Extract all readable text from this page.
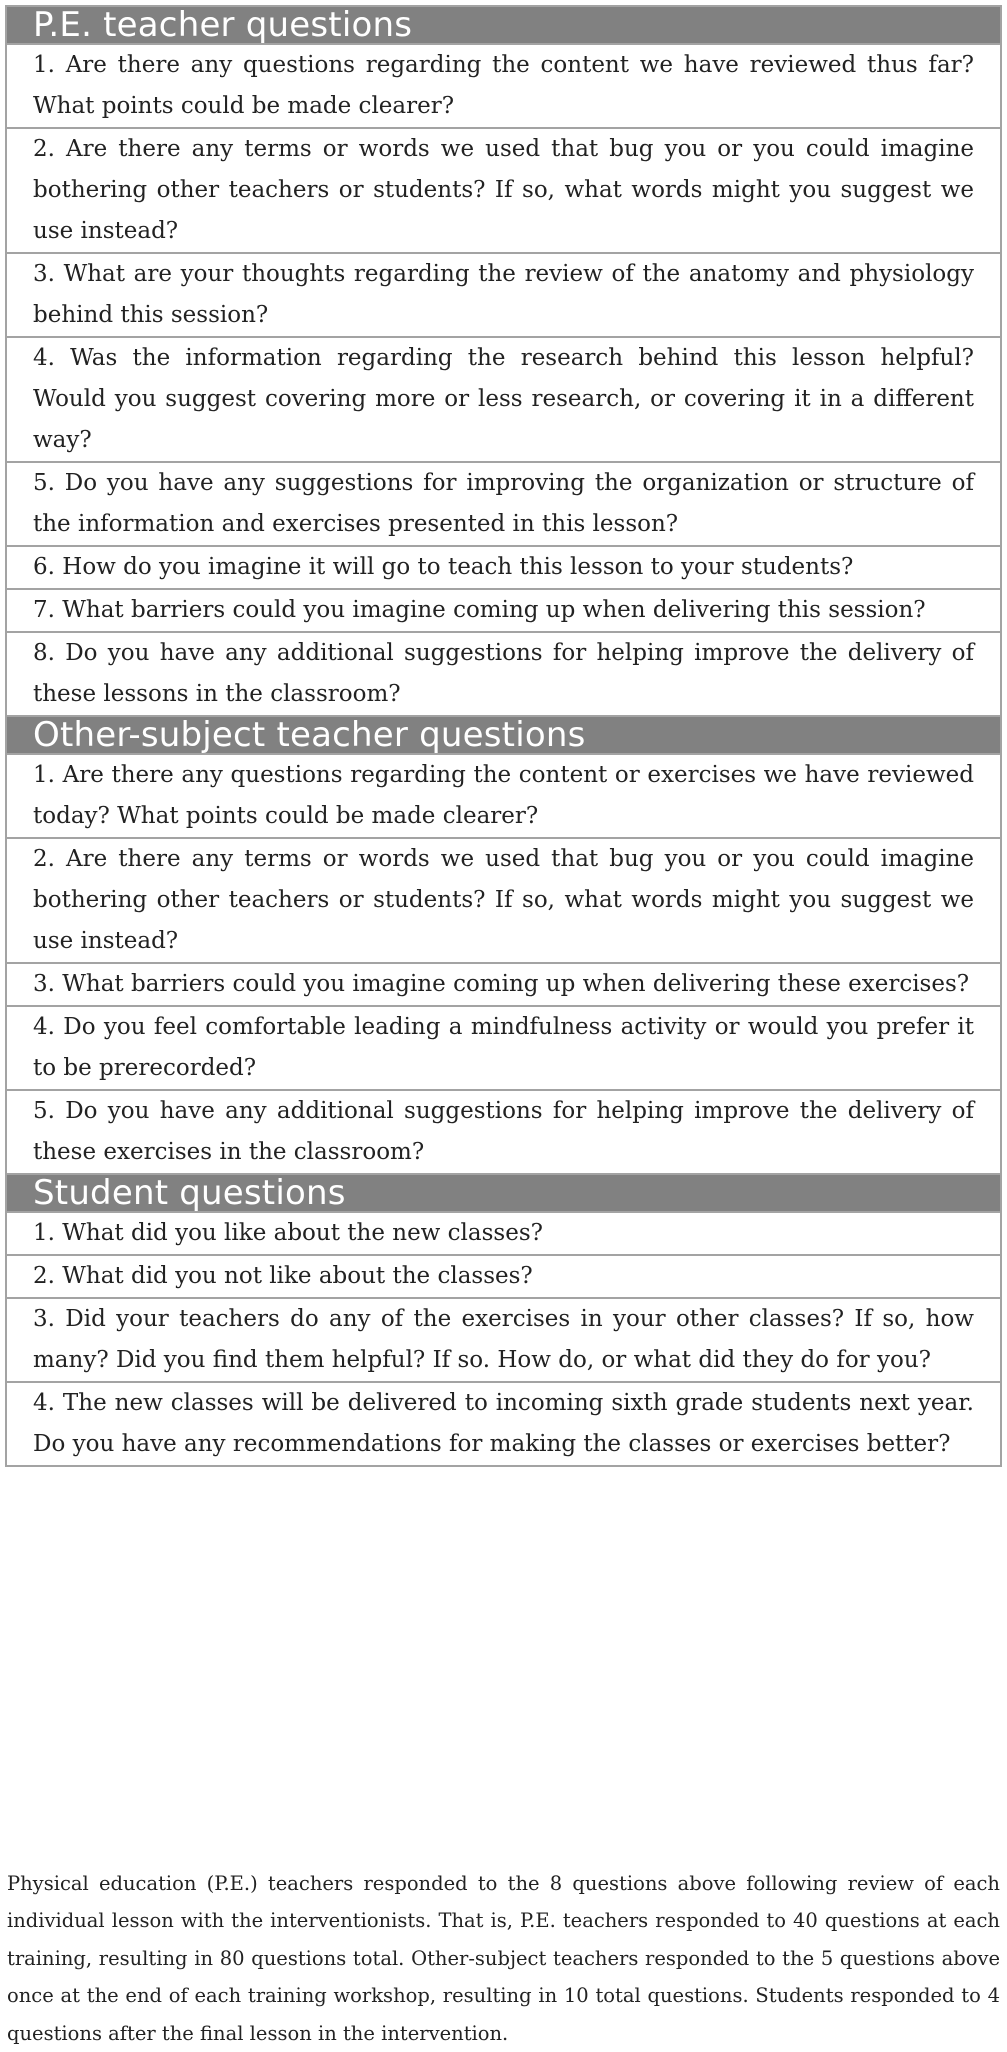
P.E. teacher questions
1. Are there any questions regarding the content we have reviewed thus far? What points could be made clearer?
2. Are there any terms or words we used that bug you or you could imagine bothering other teachers or students? If so, what words might you suggest we use instead?
3. What are your thoughts regarding the review of the anatomy and physiology behind this session?
4. Was the information regarding the research behind this lesson helpful? Would you suggest covering more or less research, or covering it in a different way?
5. Do you have any suggestions for improving the organization or structure of the information and exercises presented in this lesson?
6. How do you imagine it will go to teach this lesson to your students?
7. What barriers could you imagine coming up when delivering this session?
8. Do you have any additional suggestions for helping improve the delivery of these lessons in the classroom?
Other-subject teacher questions
1. Are there any questions regarding the content or exercises we have reviewed today? What points could be made clearer?
2. Are there any terms or words we used that bug you or you could imagine bothering other teachers or students? If so, what words might you suggest we use instead?
3. What barriers could you imagine coming up when delivering these exercises?
4. Do you feel comfortable leading a mindfulness activity or would you prefer it to be prerecorded?
5. Do you have any additional suggestions for helping improve the delivery of these exercises in the classroom?
Student questions
1. What did you like about the new classes?
2. What did you not like about the classes?
3. Did your teachers do any of the exercises in your other classes? If so, how many? Did you find them helpful? If so. How do, or what did they do for you?
4. The new classes will be delivered to incoming sixth grade students next year. Do you have any recommendations for making the classes or exercises better?

Physical education (P.E.) teachers responded to the 8 questions above following review of each individual lesson with the interventionists. That is, P.E. teachers responded to 40 questions at each training, resulting in 80 questions total. Other-subject teachers responded to the 5 questions above once at the end of each training workshop, resulting in 10 total questions. Students responded to 4 questions after the final lesson in the intervention.
